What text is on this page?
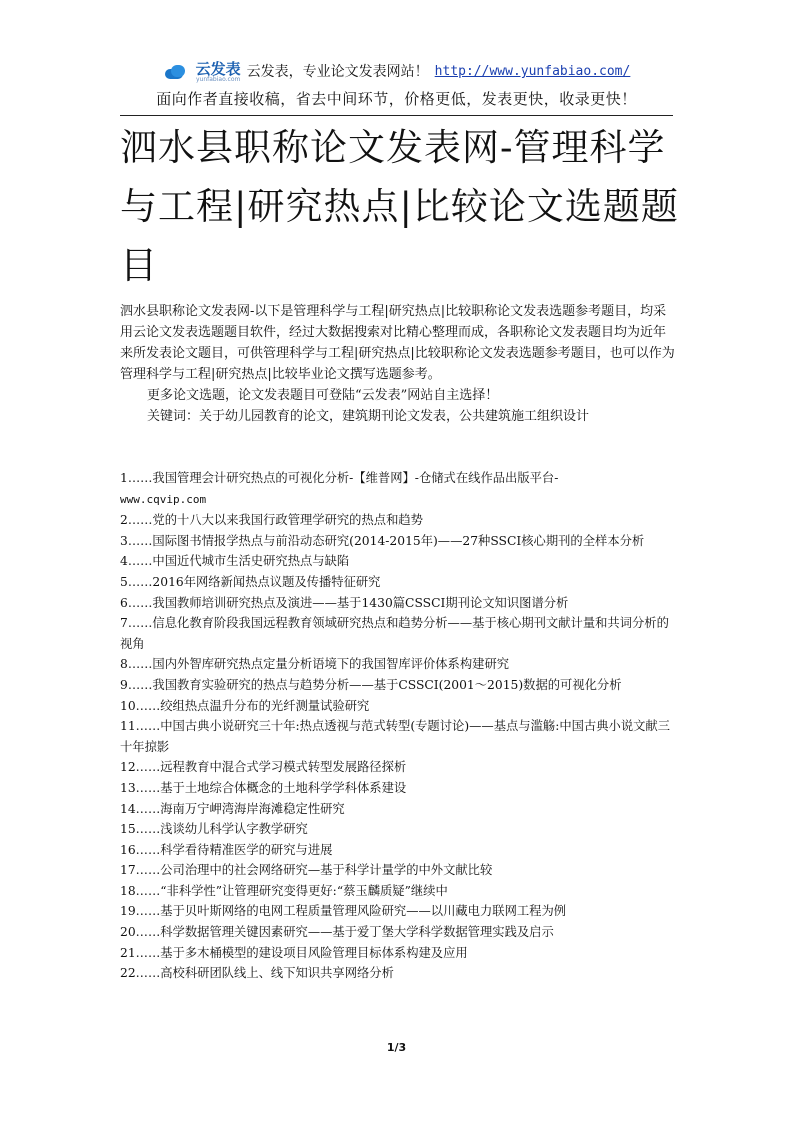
云发表
yunfabiao.com 云发表，专业论文发表网站！ http://www.yunfabiao.com/
面向作者直接收稿，省去中间环节，价格更低，发表更快，收录更快！
泗水县职称论文发表网-管理科学与工程|研究热点|比较论文选题题目

泗水县职称论文发表网-以下是管理科学与工程|研究热点|比较职称论文发表选题参考题目，均采用云论文发表选题题目软件，经过大数据搜索对比精心整理而成，各职称论文发表题目均为近年来所发表论文题目，可供管理科学与工程|研究热点|比较职称论文发表选题参考题目，也可以作为管理科学与工程|研究热点|比较毕业论文撰写选题参考。

更多论文选题，论文发表题目可登陆“云发表”网站自主选择！

关键词：关于幼儿园教育的论文，建筑期刊论文发表，公共建筑施工组织设计

1……我国管理会计研究热点的可视化分析-【维普网】-仓储式在线作品出版平台-
www.cqvip.com

2……党的十八大以来我国行政管理学研究的热点和趋势

3……国际图书情报学热点与前沿动态研究(2014-2015年)——27种SSCI核心期刊的全样本分析

4……中国近代城市生活史研究热点与缺陷

5……2016年网络新闻热点议题及传播特征研究

6……我国教师培训研究热点及演进——基于1430篇CSSCI期刊论文知识图谱分析

7……信息化教育阶段我国远程教育领域研究热点和趋势分析——基于核心期刊文献计量和共词分析的视角

8……国内外智库研究热点定量分析语境下的我国智库评价体系构建研究

9……我国教育实验研究的热点与趋势分析——基于CSSCI(2001～2015)数据的可视化分析

10……绞组热点温升分布的光纤测量试验研究

11……中国古典小说研究三十年:热点透视与范式转型(专题讨论)——基点与滥觞:中国古典小说文献三十年掠影

12……远程教育中混合式学习模式转型发展路径探析

13……基于土地综合体概念的土地科学学科体系建设

14……海南万宁岬湾海岸海滩稳定性研究

15……浅谈幼儿科学认字教学研究

16……科学看待精准医学的研究与进展

17……公司治理中的社会网络研究—基于科学计量学的中外文献比较

18……“非科学性”让管理研究变得更好:“蔡玉麟质疑”继续中

19……基于贝叶斯网络的电网工程质量管理风险研究——以川藏电力联网工程为例

20……科学数据管理关键因素研究——基于爱丁堡大学科学数据管理实践及启示

21……基于多木桶模型的建设项目风险管理目标体系构建及应用

22……高校科研团队线上、线下知识共享网络分析

1/3
